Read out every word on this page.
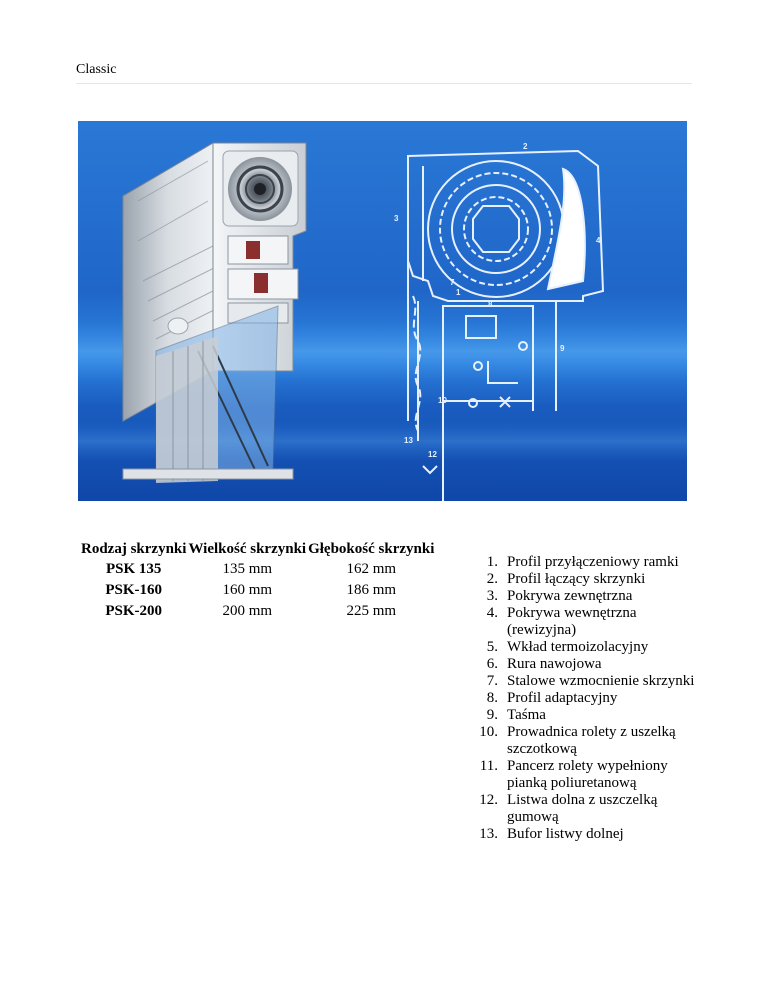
Classic
2
3
4
1
8
7
9
10
13
12
Rodzaj skrzynki	Wielkość skrzynki	Głębokość skrzynki
PSK 135	135 mm	162 mm
PSK-160	160 mm	186 mm
PSK-200	200 mm	225 mm
1. Profil przyłączeniowy ramki
2. Profil łączący skrzynki
3. Pokrywa zewnętrzna
4. Pokrywa wewnętrzna (rewizyjna)
5. Wkład termoizolacyjny
6. Rura nawojowa
7. Stalowe wzmocnienie skrzynki
8. Profil adaptacyjny
9. Taśma
10. Prowadnica rolety z uszelką szczotkową
11. Pancerz rolety wypełniony pianką poliuretanową
12. Listwa dolna z uszczelką gumową
13. Bufor listwy dolnej
